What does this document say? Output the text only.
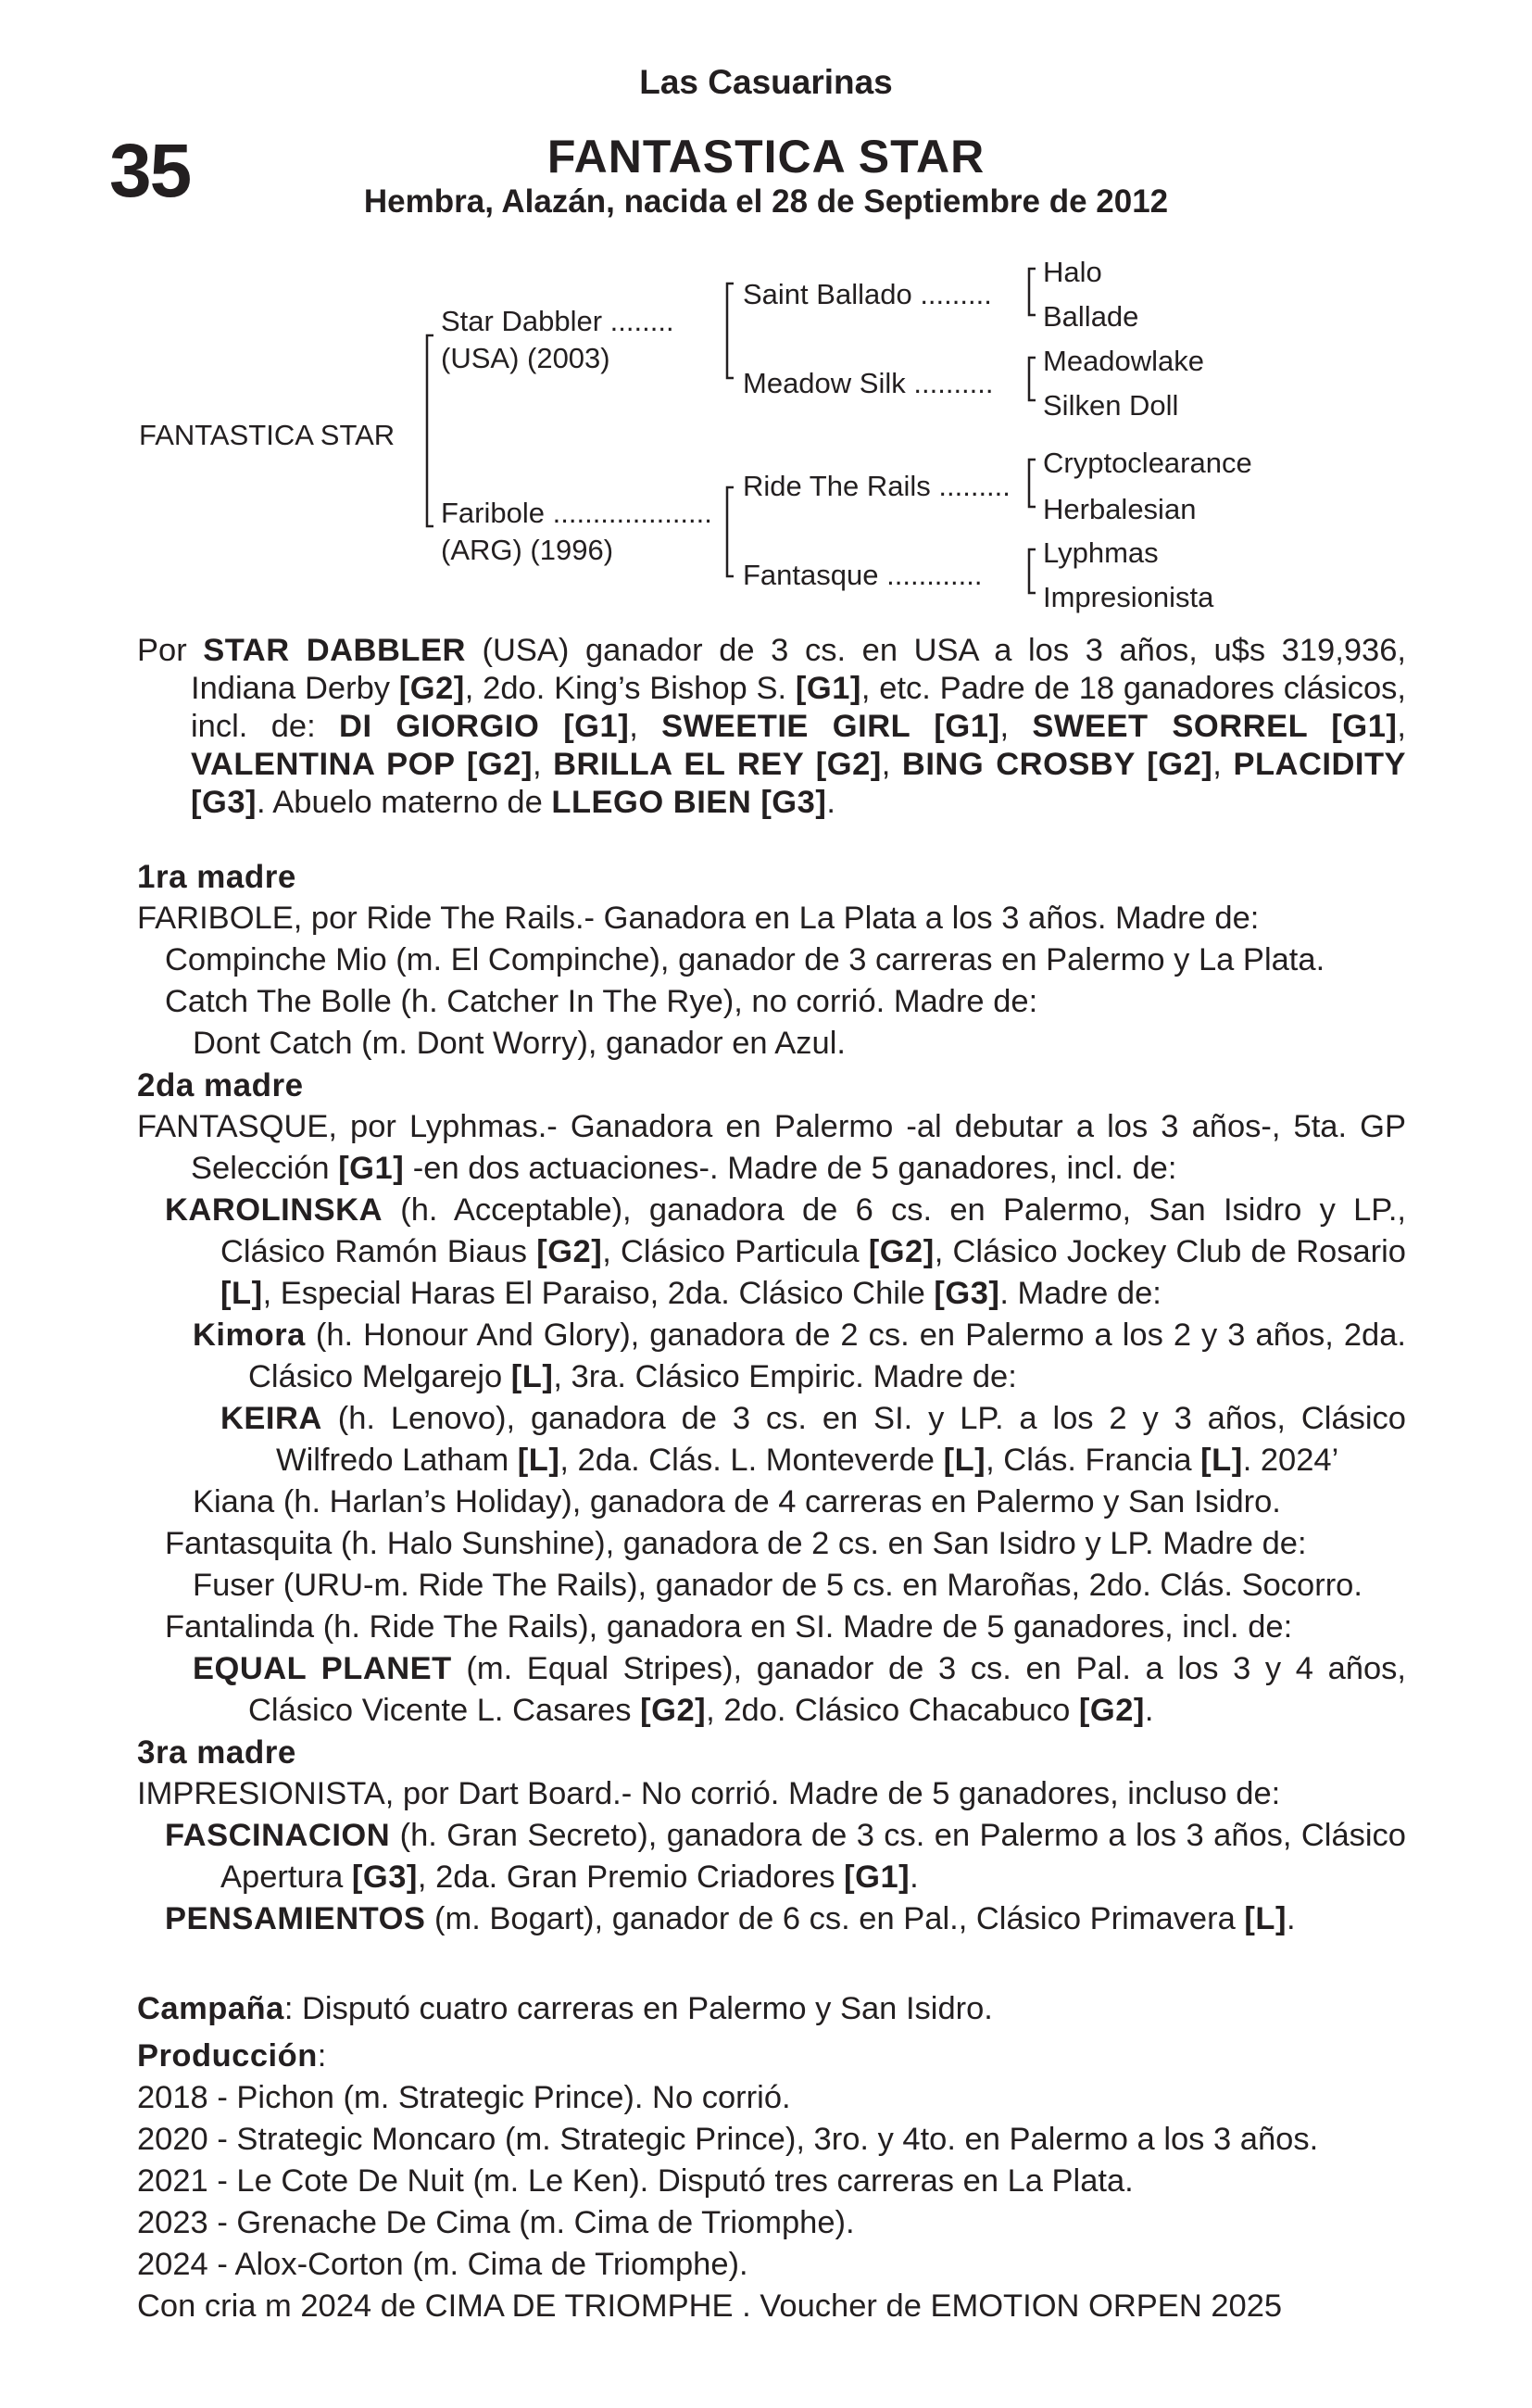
Las Casuarinas
35	FANTASTICA STAR
Hembra, Alazán, nacida el 28 de Septiembre de 2012
FANTASTICA STAR
Star Dabbler ........
(USA) (2003)
Faribole ....................
(ARG) (1996)
Saint Ballado .........
Meadow Silk ..........
Ride The Rails .........
Fantasque ............
Halo
Ballade
Meadowlake
Silken Doll
Cryptoclearance
Herbalesian
Lyphmas
Impresionista

Por STAR DABBLER (USA) ganador de 3 cs. en USA a los 3 años, u$s 319,936, Indiana Derby [G2], 2do. King’s Bishop S. [G1], etc. Padre de 18 ganadores clásicos, incl. de: DI GIORGIO [G1], SWEETIE GIRL [G1], SWEET SORREL [G1], VALENTINA POP [G2], BRILLA EL REY [G2], BING CROSBY [G2], PLACIDITY [G3]. Abuelo materno de LLEGO BIEN [G3].

1ra madre

FARIBOLE, por Ride The Rails.- Ganadora en La Plata a los 3 años. Madre de:

Compinche Mio (m. El Compinche), ganador de 3 carreras en Palermo y La Plata.

Catch The Bolle (h. Catcher In The Rye), no corrió. Madre de:

Dont Catch (m. Dont Worry), ganador en Azul.

2da madre

FANTASQUE, por Lyphmas.- Ganadora en Palermo -al debutar a los 3 años-, 5ta. GP Selección [G1] -en dos actuaciones-. Madre de 5 ganadores, incl. de:

KAROLINSKA (h. Acceptable), ganadora de 6 cs. en Palermo, San Isidro y LP., Clásico Ramón Biaus [G2], Clásico Particula [G2], Clásico Jockey Club de Rosario [L], Especial Haras El Paraiso, 2da. Clásico Chile [G3]. Madre de:

Kimora (h. Honour And Glory), ganadora de 2 cs. en Palermo a los 2 y 3 años, 2da. Clásico Melgarejo [L], 3ra. Clásico Empiric. Madre de:

KEIRA (h. Lenovo), ganadora de 3 cs. en SI. y LP. a los 2 y 3 años, Clásico Wilfredo Latham [L], 2da. Clás. L. Monteverde [L], Clás. Francia [L]. 2024’

Kiana (h. Harlan’s Holiday), ganadora de 4 carreras en Palermo y San Isidro.

Fantasquita (h. Halo Sunshine), ganadora de 2 cs. en San Isidro y LP. Madre de:

Fuser (URU-m. Ride The Rails), ganador de 5 cs. en Maroñas, 2do. Clás. Socorro.

Fantalinda (h. Ride The Rails), ganadora en SI. Madre de 5 ganadores, incl. de:

EQUAL PLANET (m. Equal Stripes), ganador de 3 cs. en Pal. a los 3 y 4 años, Clásico Vicente L. Casares [G2], 2do. Clásico Chacabuco [G2].

3ra madre

IMPRESIONISTA, por Dart Board.- No corrió. Madre de 5 ganadores, incluso de:

FASCINACION (h. Gran Secreto), ganadora de 3 cs. en Palermo a los 3 años, Clásico Apertura [G3], 2da. Gran Premio Criadores [G1].

PENSAMIENTOS (m. Bogart), ganador de 6 cs. en Pal., Clásico Primavera [L].

Campaña: Disputó cuatro carreras en Palermo y San Isidro.

Producción:

2018 - Pichon (m. Strategic Prince). No corrió.

2020 - Strategic Moncaro (m. Strategic Prince), 3ro. y 4to. en Palermo a los 3 años.

2021 - Le Cote De Nuit (m. Le Ken). Disputó tres carreras en La Plata.

2023 - Grenache De Cima (m. Cima de Triomphe).

2024 - Alox-Corton (m. Cima de Triomphe).

Con cria m 2024 de CIMA DE TRIOMPHE . Voucher de EMOTION ORPEN 2025
